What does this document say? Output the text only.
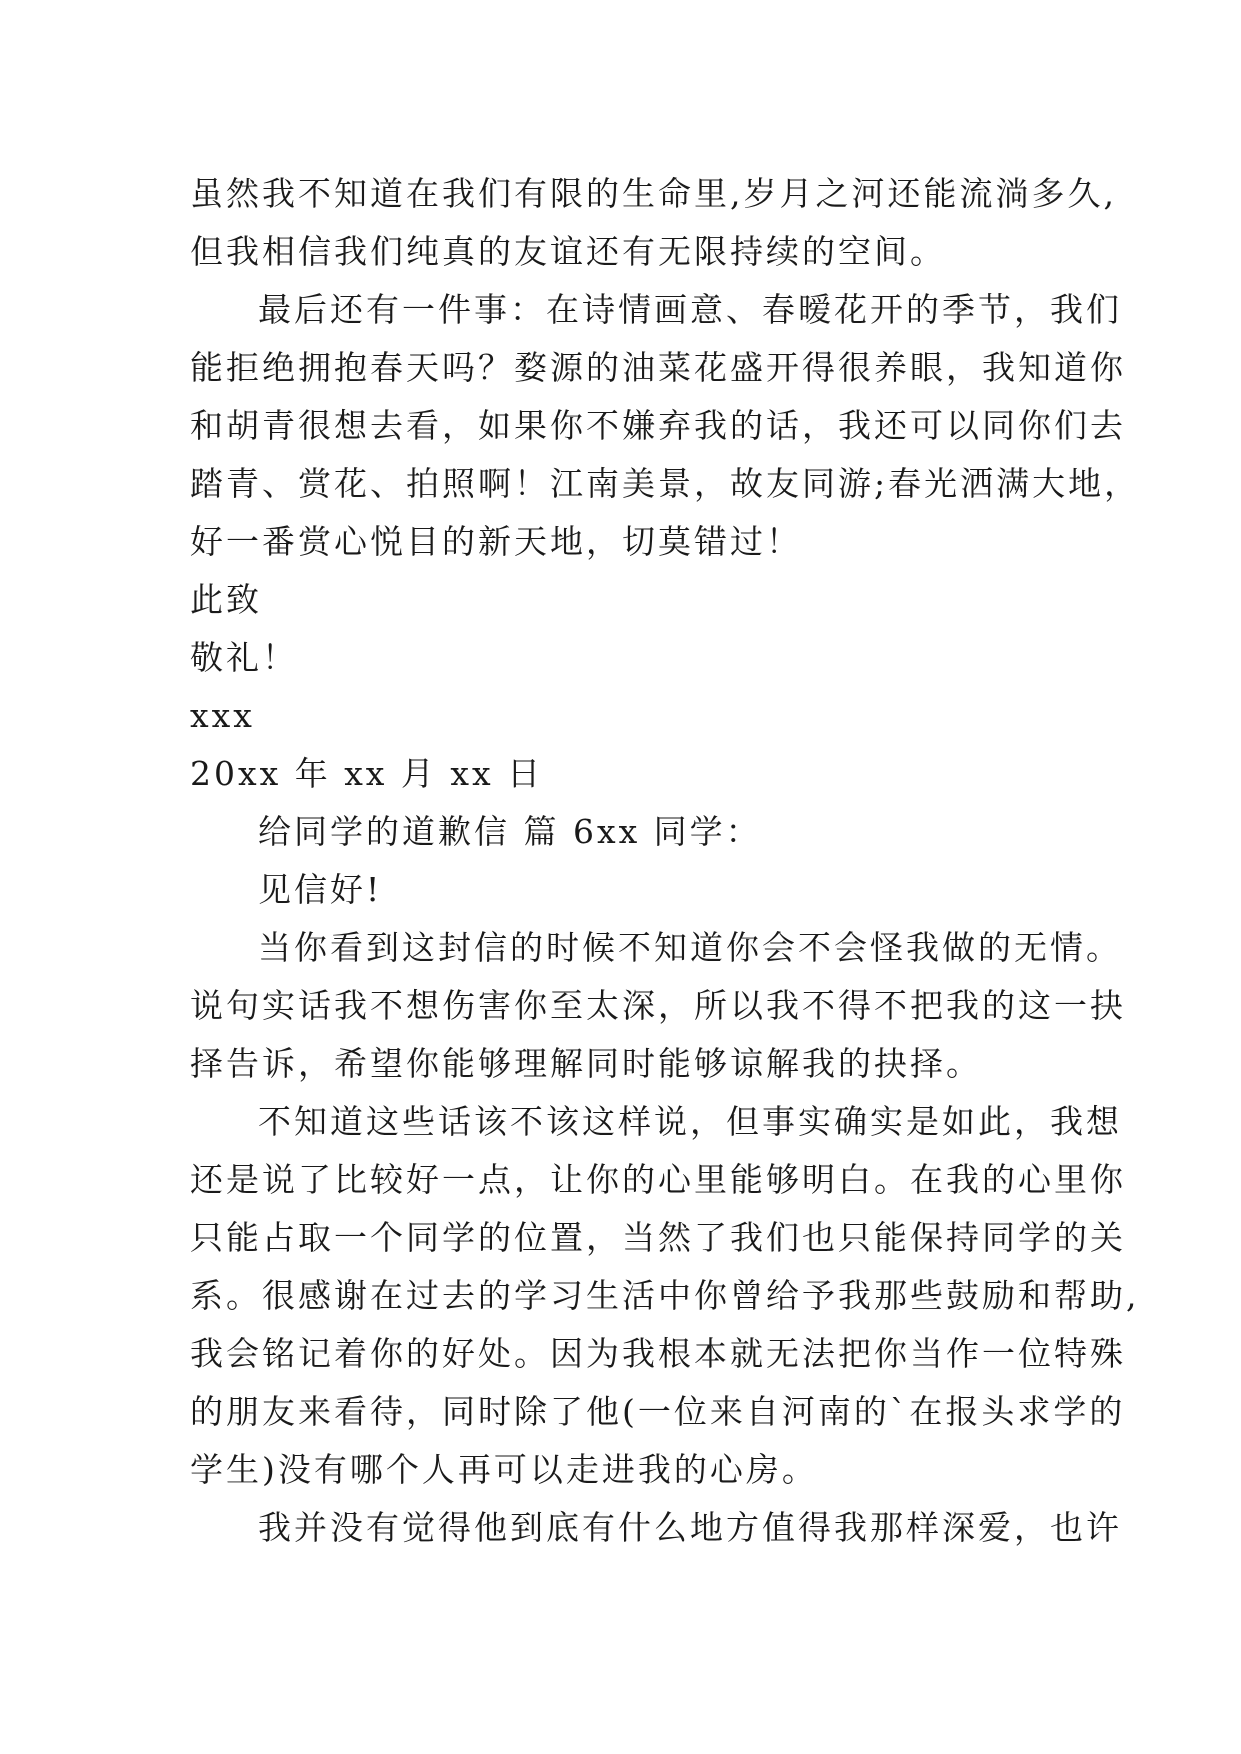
虽然我不知道在我们有限的生命里,岁月之河还能流淌多久,

但我相信我们纯真的友谊还有无限持续的空间。

最后还有一件事：在诗情画意、春暧花开的季节，我们

能拒绝拥抱春天吗？婺源的油菜花盛开得很养眼，我知道你

和胡青很想去看，如果你不嫌弃我的话，我还可以同你们去

踏青、赏花、拍照啊！江南美景，故友同游;春光洒满大地，

好一番赏心悦目的新天地，切莫错过！

此致

敬礼！

xxx

20xx 年 xx 月 xx 日

给同学的道歉信 篇 6xx 同学：

见信好!

当你看到这封信的时候不知道你会不会怪我做的无情。

说句实话我不想伤害你至太深，所以我不得不把我的这一抉

择告诉，希望你能够理解同时能够谅解我的抉择。

不知道这些话该不该这样说，但事实确实是如此，我想

还是说了比较好一点，让你的心里能够明白。在我的心里你

只能占取一个同学的位置，当然了我们也只能保持同学的关

系。很感谢在过去的学习生活中你曾给予我那些鼓励和帮助,

我会铭记着你的好处。因为我根本就无法把你当作一位特殊

的朋友来看待，同时除了他(一位来自河南的`在报头求学的

学生)没有哪个人再可以走进我的心房。

我并没有觉得他到底有什么地方值得我那样深爱，也许
